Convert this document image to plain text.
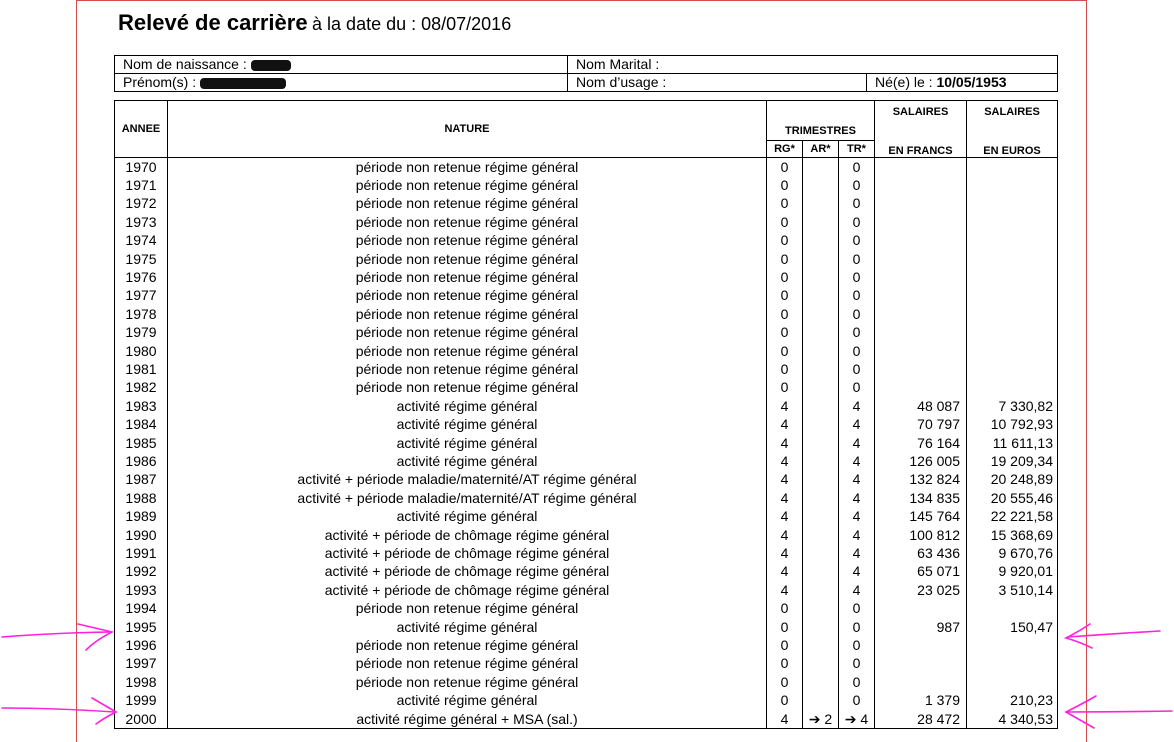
Relevé de carrière à la date du : 08/07/2016
Nom de naissance :	Nom Marital :	
Prénom(s) :	Nom d’usage :	Né(e) le : 10/05/1953
ANNEE	NATURE	TRIMESTRES			SALAIRES	SALAIRES
		RG*	AR*	TR*	EN FRANCS	EN EUROS
1970	période non retenue régime général	0		0		
1971	période non retenue régime général	0		0		
1972	période non retenue régime général	0		0		
1973	période non retenue régime général	0		0		
1974	période non retenue régime général	0		0		
1975	période non retenue régime général	0		0		
1976	période non retenue régime général	0		0		
1977	période non retenue régime général	0		0		
1978	période non retenue régime général	0		0		
1979	période non retenue régime général	0		0		
1980	période non retenue régime général	0		0		
1981	période non retenue régime général	0		0		
1982	période non retenue régime général	0		0		
1983	activité régime général	4		4	48 087	7 330,82
1984	activité régime général	4		4	70 797	10 792,93
1985	activité régime général	4		4	76 164	11 611,13
1986	activité régime général	4		4	126 005	19 209,34
1987	activité + période maladie/maternité/AT régime général	4		4	132 824	20 248,89
1988	activité + période maladie/maternité/AT régime général	4		4	134 835	20 555,46
1989	activité régime général	4		4	145 764	22 221,58
1990	activité + période de chômage régime général	4		4	100 812	15 368,69
1991	activité + période de chômage régime général	4		4	63 436	9 670,76
1992	activité + période de chômage régime général	4		4	65 071	9 920,01
1993	activité + période de chômage régime général	4		4	23 025	3 510,14
1994	période non retenue régime général	0		0		
1995	activité régime général	0		0	987	150,47
1996	période non retenue régime général	0		0		
1997	période non retenue régime général	0		0		
1998	période non retenue régime général	0		0		
1999	activité régime général	0		0	1 379	210,23
2000	activité régime général + MSA (sal.)	4	➔ 2	➔ 4	28 472	4 340,53
